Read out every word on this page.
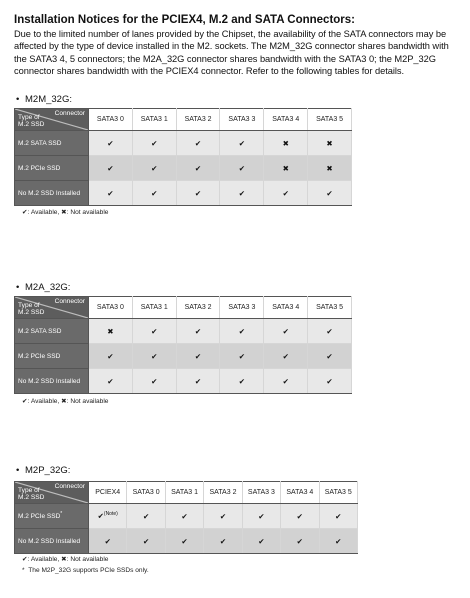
Installation Notices for the PCIEX4, M.2 and SATA Connectors:
Due to the limited number of lanes provided by the Chipset, the availability of the SATA connectors may be affected by the type of device installed in the M2. sockets. The M2M_32G connector shares bandwidth with the SATA3 4, 5 connectors; the M2A_32G connector shares bandwidth with the SATA3 0; the M2P_32G connector shares bandwidth with the PCIEX4 connector. Refer to the following tables for details.
• M2M_32G:
Connector
Type of
M.2 SSD	SATA3 0	SATA3 1	SATA3 2	SATA3 3	SATA3 4	SATA3 5
M.2 SATA SSD	✔	✔	✔	✔	✖	✖
M.2 PCIe SSD	✔	✔	✔	✔	✖	✖
No M.2 SSD Installed	✔	✔	✔	✔	✔	✔
✔: Available, ✖: Not available
• M2A_32G:
Connector
Type of
M.2 SSD	SATA3 0	SATA3 1	SATA3 2	SATA3 3	SATA3 4	SATA3 5
M.2 SATA SSD	✖	✔	✔	✔	✔	✔
M.2 PCIe SSD	✔	✔	✔	✔	✔	✔
No M.2 SSD Installed	✔	✔	✔	✔	✔	✔
✔: Available, ✖: Not available
• M2P_32G:
Connector
Type of
M.2 SSD	PCIEX4	SATA3 0	SATA3 1	SATA3 2	SATA3 3	SATA3 4	SATA3 5
M.2 PCIe SSD*	✔$^{(Note)}$	✔	✔	✔	✔	✔	✔
No M.2 SSD Installed	✔	✔	✔	✔	✔	✔	✔
✔: Available, ✖: Not available
* The M2P_32G supports PCIe SSDs only.
